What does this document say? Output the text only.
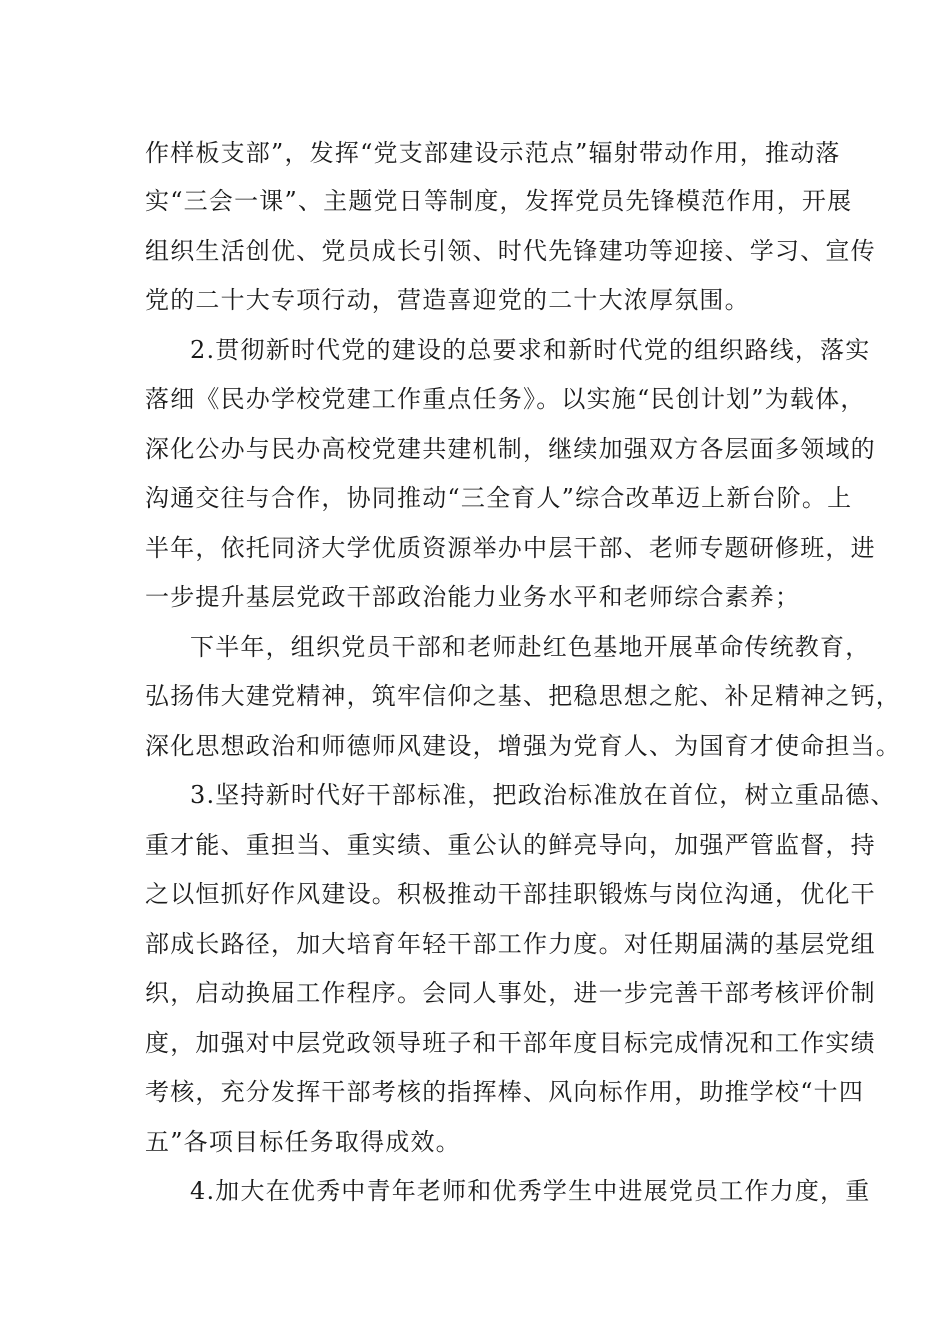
作样板支部”，发挥“党支部建设示范点”辐射带动作用，推动落
实“三会一课”、主题党日等制度，发挥党员先锋模范作用，开展
组织生活创优、党员成长引领、时代先锋建功等迎接、学习、宣传
党的二十大专项行动，营造喜迎党的二十大浓厚氛围。
2.贯彻新时代党的建设的总要求和新时代党的组织路线，落实
落细《民办学校党建工作重点任务》。以实施“民创计划”为载体，
深化公办与民办高校党建共建机制，继续加强双方各层面多领域的
沟通交往与合作，协同推动“三全育人”综合改革迈上新台阶。上
半年，依托同济大学优质资源举办中层干部、老师专题研修班，进
一步提升基层党政干部政治能力业务水平和老师综合素养；
下半年，组织党员干部和老师赴红色基地开展革命传统教育，
弘扬伟大建党精神，筑牢信仰之基、把稳思想之舵、补足精神之钙，
深化思想政治和师德师风建设，增强为党育人、为国育才使命担当。
3.坚持新时代好干部标准，把政治标准放在首位，树立重品德、
重才能、重担当、重实绩、重公认的鲜亮导向，加强严管监督，持
之以恒抓好作风建设。积极推动干部挂职锻炼与岗位沟通，优化干
部成长路径，加大培育年轻干部工作力度。对任期届满的基层党组
织，启动换届工作程序。会同人事处，进一步完善干部考核评价制
度，加强对中层党政领导班子和干部年度目标完成情况和工作实绩
考核，充分发挥干部考核的指挥棒、风向标作用，助推学校“十四
五”各项目标任务取得成效。
4.加大在优秀中青年老师和优秀学生中进展党员工作力度，重
